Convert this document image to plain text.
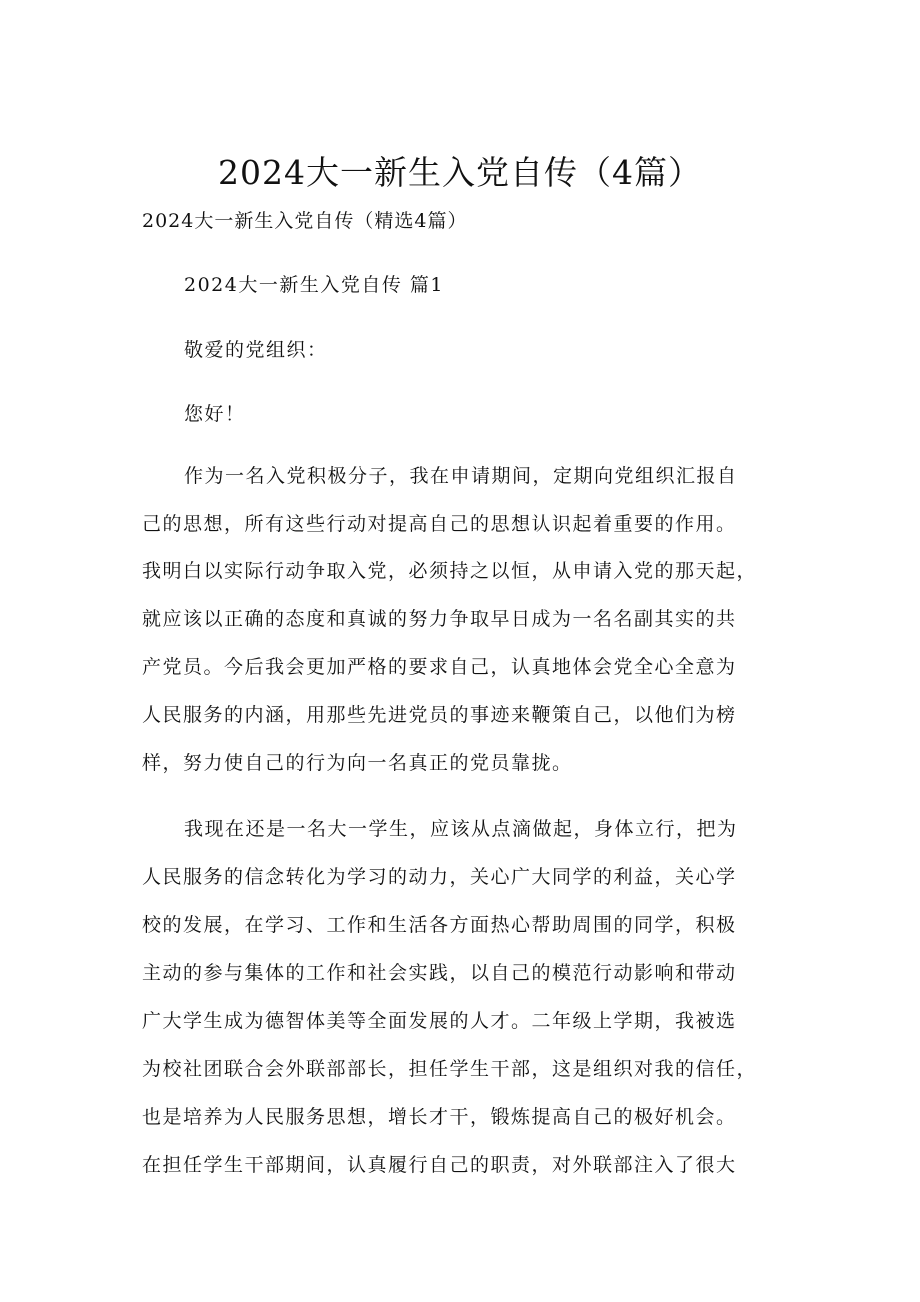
2024大一新生入党自传（4篇）
2024大一新生入党自传（精选4篇）
2024大一新生入党自传 篇1
敬爱的党组织：
您好！
作为一名入党积极分子，我在申请期间，定期向党组织汇报自
己的思想，所有这些行动对提高自己的思想认识起着重要的作用。
我明白以实际行动争取入党，必须持之以恒，从申请入党的那天起，
就应该以正确的态度和真诚的努力争取早日成为一名名副其实的共
产党员。今后我会更加严格的要求自己，认真地体会党全心全意为
人民服务的内涵，用那些先进党员的事迹来鞭策自己，以他们为榜
样，努力使自己的行为向一名真正的党员靠拢。
我现在还是一名大一学生，应该从点滴做起，身体立行，把为
人民服务的信念转化为学习的动力，关心广大同学的利益，关心学
校的发展，在学习、工作和生活各方面热心帮助周围的同学，积极
主动的参与集体的工作和社会实践，以自己的模范行动影响和带动
广大学生成为德智体美等全面发展的人才。二年级上学期，我被选
为校社团联合会外联部部长，担任学生干部，这是组织对我的信任，
也是培养为人民服务思想，增长才干，锻炼提高自己的极好机会。
在担任学生干部期间，认真履行自己的职责，对外联部注入了很大
